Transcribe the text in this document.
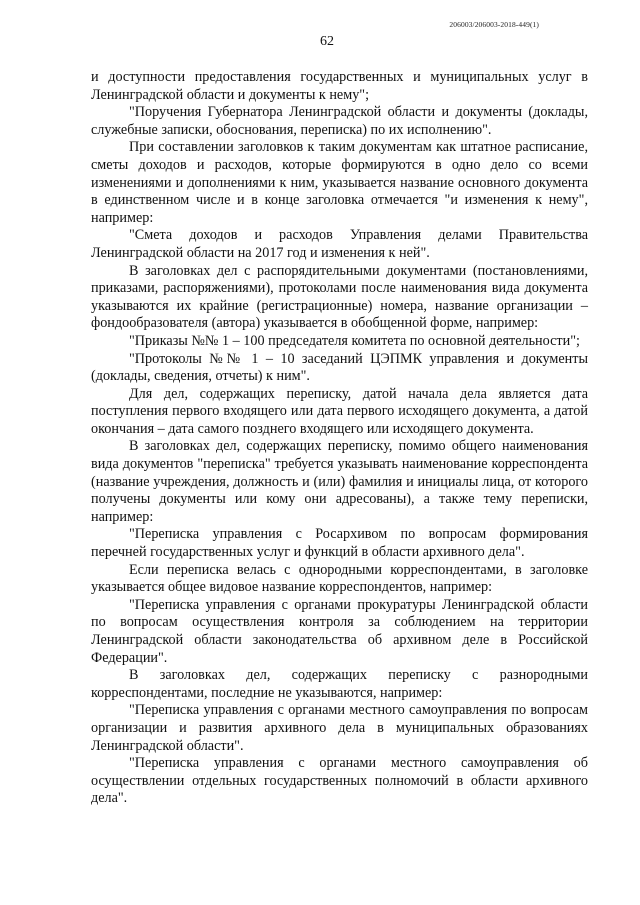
206003/206003-2018-449(1)
62

и доступности предоставления государственных и муниципальных услуг в Ленинградской области и документы к нему";

"Поручения Губернатора Ленинградской области и документы (доклады, служебные записки, обоснования, переписка) по их исполнению".

При составлении заголовков к таким документам как штатное расписание, сметы доходов и расходов, которые формируются в одно дело со всеми изменениями и дополнениями к ним, указывается название основного документа в единственном числе и в конце заголовка отмечается "и изменения к нему", например:

"Смета доходов и расходов Управления делами Правительства Ленинградской области на 2017 год и изменения к ней".

В заголовках дел с распорядительными документами (постановлениями, приказами, распоряжениями), протоколами после наименования вида документа указываются их крайние (регистрационные) номера, название организации – фондообразователя (автора) указывается в обобщенной форме, например:

"Приказы №№ 1 – 100 председателя комитета по основной деятельности";

"Протоколы №№ 1 – 10 заседаний ЦЭПМК управления и документы (доклады, сведения, отчеты) к ним".

Для дел, содержащих переписку, датой начала дела является дата поступления первого входящего или дата первого исходящего документа, а датой окончания – дата самого позднего входящего или исходящего документа.

В заголовках дел, содержащих переписку, помимо общего наименования вида документов "переписка" требуется указывать наименование корреспондента (название учреждения, должность и (или) фамилия и инициалы лица, от которого получены документы или кому они адресованы), а также тему переписки, например:

"Переписка управления с Росархивом по вопросам формирования перечней государственных услуг и функций в области архивного дела".

Если переписка велась с однородными корреспондентами, в заголовке указывается общее видовое название корреспондентов, например:

"Переписка управления с органами прокуратуры Ленинградской области по вопросам осуществления контроля за соблюдением на территории Ленинградской области законодательства об архивном деле в Российской Федерации".

В заголовках дел, содержащих переписку с разнородными корреспондентами, последние не указываются, например:

"Переписка управления с органами местного самоуправления по вопросам организации и развития архивного дела в муниципальных образованиях Ленинградской области".

"Переписка управления с органами местного самоуправления об осуществлении отдельных государственных полномочий в области архивного дела".
